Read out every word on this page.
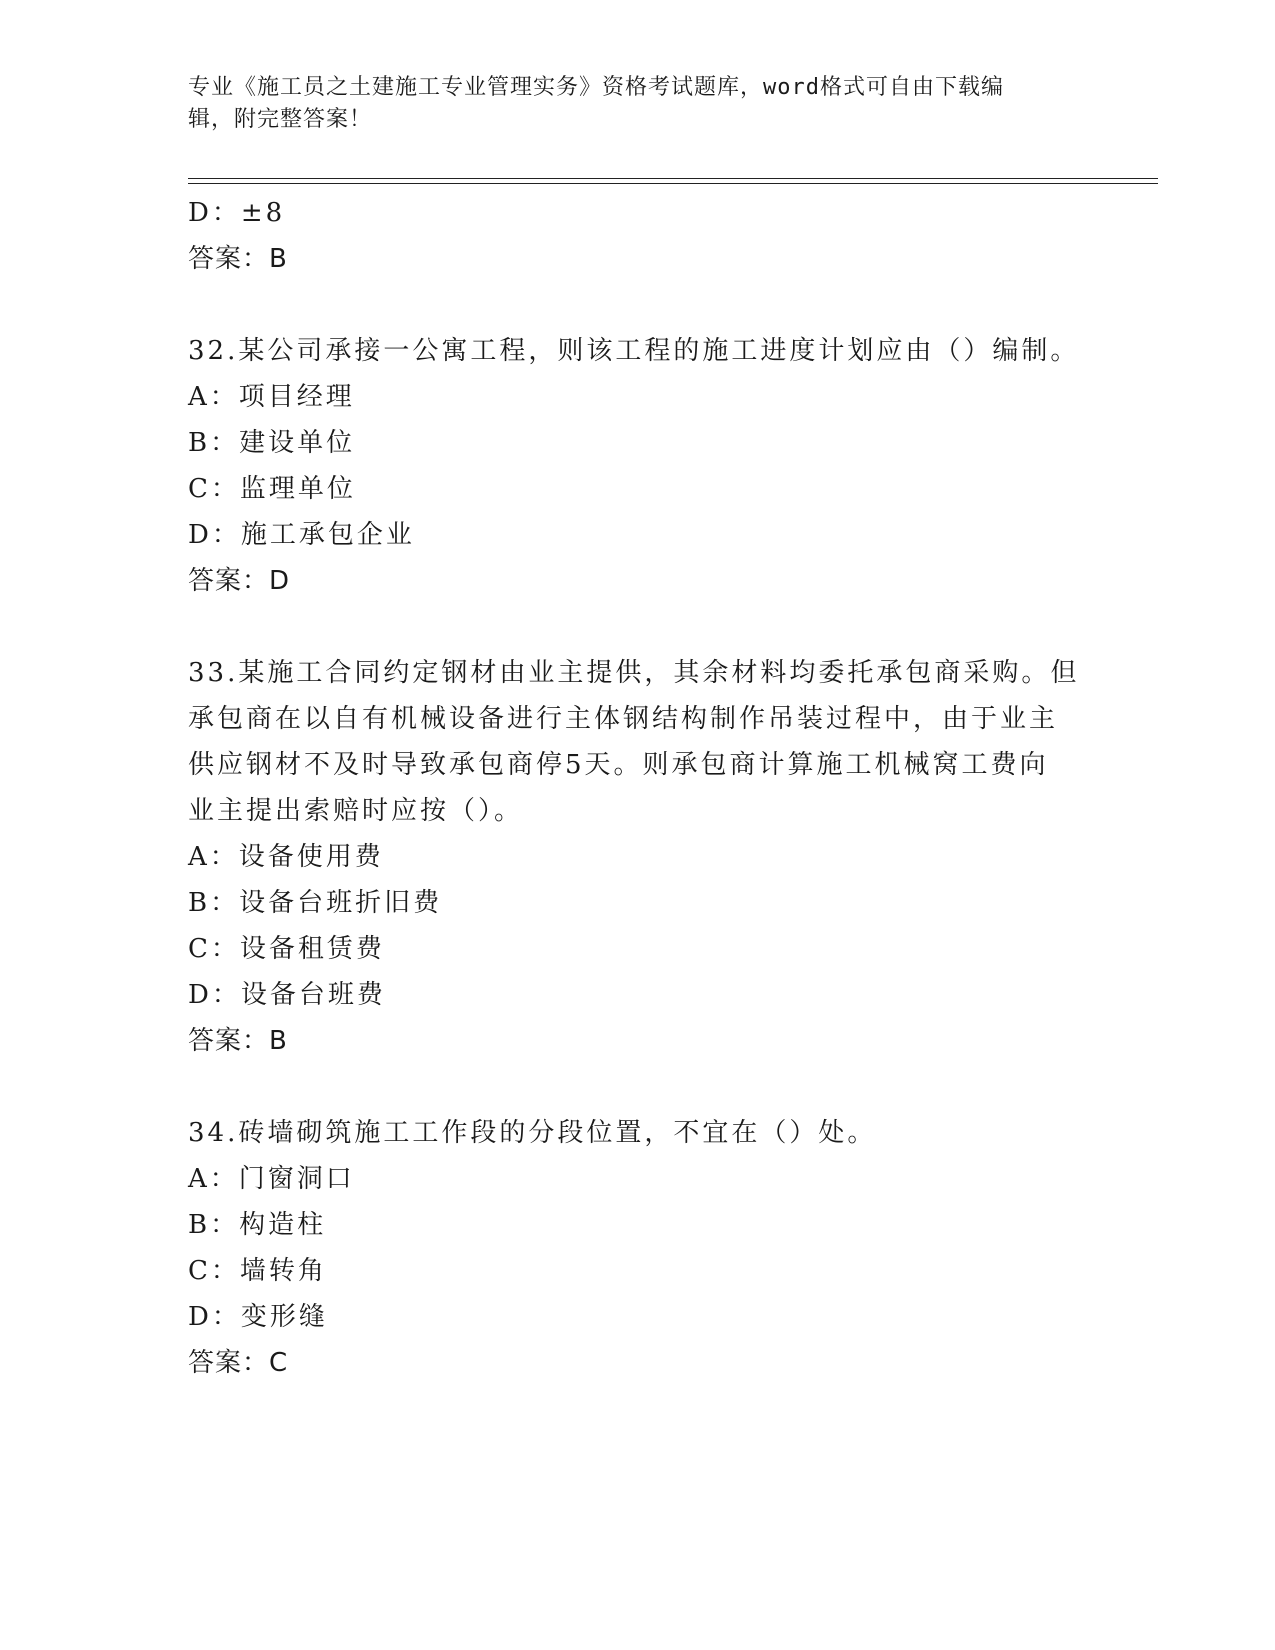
专业《施工员之土建施工专业管理实务》资格考试题库，word格式可自由下载编
辑，附完整答案！
D：±8
答案：B
32.某公司承接一公寓工程，则该工程的施工进度计划应由（）编制。
A：项目经理
B：建设单位
C：监理单位
D：施工承包企业
答案：D
33.某施工合同约定钢材由业主提供，其余材料均委托承包商采购。但
承包商在以自有机械设备进行主体钢结构制作吊装过程中，由于业主
供应钢材不及时导致承包商停5天。则承包商计算施工机械窝工费向
业主提出索赔时应按（）。
A：设备使用费
B：设备台班折旧费
C：设备租赁费
D：设备台班费
答案：B
34.砖墙砌筑施工工作段的分段位置，不宜在（）处。
A：门窗洞口
B：构造柱
C：墙转角
D：变形缝
答案：C
